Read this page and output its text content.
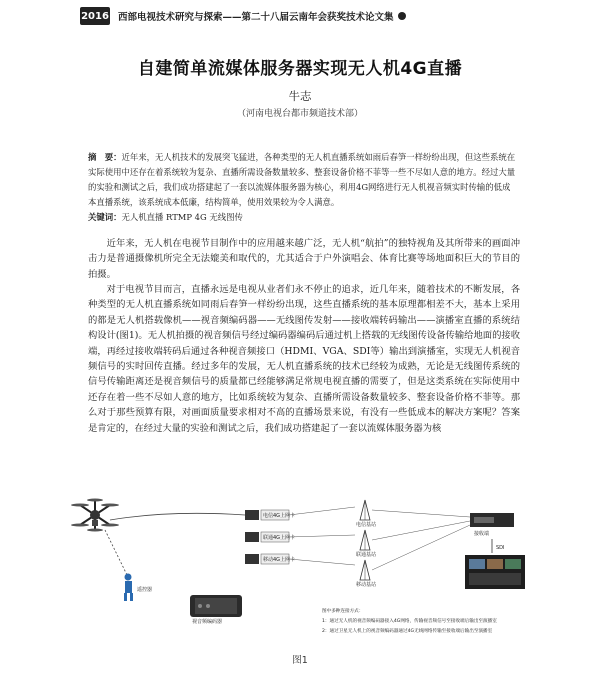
2016 西部电视技术研究与探索——第二十八届云南年会获奖技术论文集
自建简单流媒体服务器实现无人机4G直播
牛志
（河南电视台都市频道技术部）
摘　要：近年来，无人机技术的发展突飞猛进，各种类型的无人机直播系统如雨后春笋一样纷纷出现，但这些系统在实际使用中还存在着系统较为复杂、直播所需设备数量较多、整套设备价格不菲等一些不尽如人意的地方。经过大量的实验和测试之后，我们成功搭建起了一套以流媒体服务器为核心，利用4G网络进行无人机视音频实时传输的低成本直播系统，该系统成本低廉，结构简单，使用效果较为令人满意。
关键词：无人机直播 RTMP 4G 无线图传
近年来，无人机在电视节目制作中的应用越来越广泛，无人机“航拍”的独特视角及其所带来的画面冲击力是普通摄像机所完全无法媲美和取代的，尤其适合于户外演唱会、体育比赛等场地面积巨大的节目的拍摄。
对于电视节目而言，直播永远是电视从业者们永不停止的追求，近几年来，随着技术的不断发展，各种类型的无人机直播系统如同雨后春笋一样纷纷出现，这些直播系统的基本原理都相差不大，基本上采用的都是无人机搭载像机——视音频编码器——无线图传发射——接收端转码输出——演播室直播的系统结构设计(图1)。无人机拍摄的视音频信号经过编码器编码后通过机上搭载的无线图传设备传输给地面的接收端，再经过接收端转码后通过各种视音频接口（HDMI、VGA、SDI等）输出到演播室，实现无人机视音频信号的实时回传直播。经过多年的发展，无人机直播系统的技术已经较为成熟，无论是无线图传系统的信号传输距离还是视音频信号的质量都已经能够满足常规电视直播的需要了，但是这类系统在实际使用中还存在着一些不尽如人意的地方，比如系统较为复杂、直播所需设备数量较多、整套设备价格不菲等。那么对于那些预算有限，对画面质量要求相对不高的直播场景来说，有没有一些低成本的解决方案呢？答案是肯定的，在经过大量的实验和测试之后，我们成功搭建起了一套以流媒体服务器为核
遥控器
视音频编码器
电信4G上网卡
联通4G上网卡
移动4G上网卡
电信基站
联通基站
移动基站
接收端
SDI
图中多种连接方式：
1：通过无人机的视音频编码器接入4G网络，传输视音频信号至接收端后输出至演播室
2：通过卫星无人机上的视音频编码器通过4G无线网络传输至接收端后输出至演播室
图1
